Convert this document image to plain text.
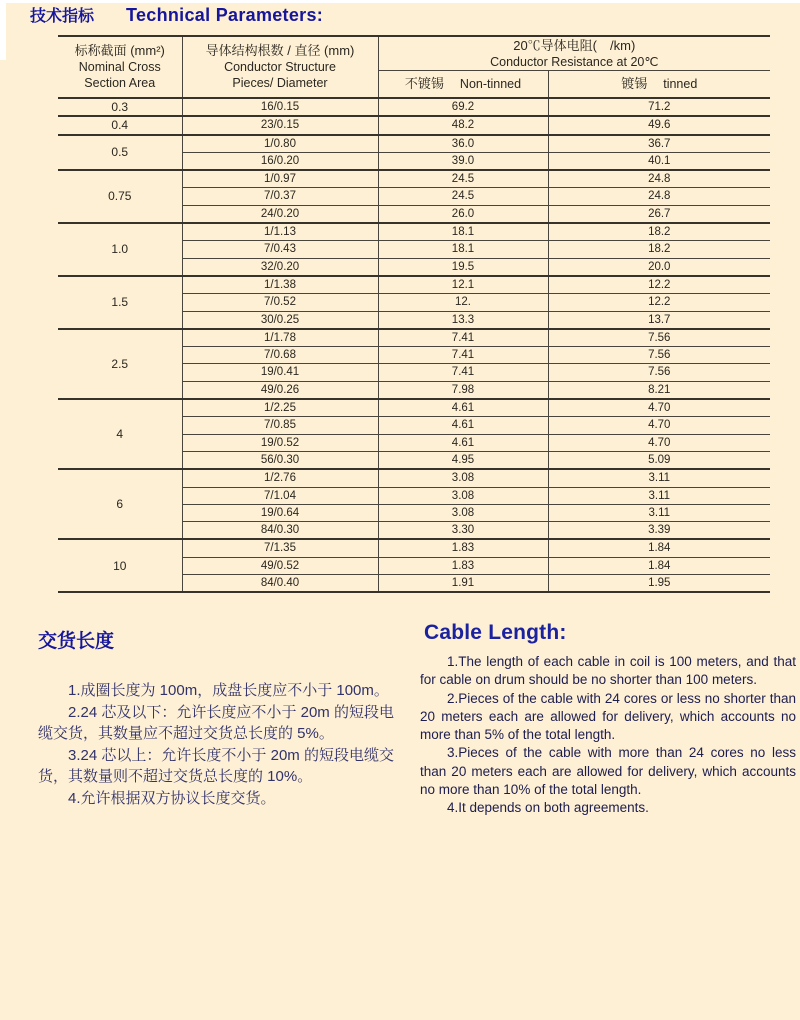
技术指标 Technical Parameters:
标称截面 (mm²)
Nominal Cross
Section Area	导体结构根数 / 直径 (mm)
Conductor Structure
Pieces/ Diameter	20℃导体电阻(　/km)
Conductor Resistance at 20℃	

		不镀锡 Non-tinned	镀锡 tinned

0.3	16/0.15	69.2	71.2
0.4	23/0.15	48.2	49.6
0.5	1/0.80	36.0	36.7
	16/0.20	39.0	40.1
0.75	1/0.97	24.5	24.8
	7/0.37	24.5	24.8
	24/0.20	26.0	26.7
1.0	1/1.13	18.1	18.2
	7/0.43	18.1	18.2
	32/0.20	19.5	20.0
1.5	1/1.38	12.1	12.2
	7/0.52	12.	12.2
	30/0.25	13.3	13.7
2.5	1/1.78	7.41	7.56
	7/0.68	7.41	7.56
	19/0.41	7.41	7.56
	49/0.26	7.98	8.21
4	1/2.25	4.61	4.70
	7/0.85	4.61	4.70
	19/0.52	4.61	4.70
	56/0.30	4.95	5.09
6	1/2.76	3.08	3.11
	7/1.04	3.08	3.11
	19/0.64	3.08	3.11
	84/0.30	3.30	3.39
10	7/1.35	1.83	1.84
	49/0.52	1.83	1.84
	84/0.40	1.91	1.95
交货长度

1.成圈长度为 100m，成盘长度应不小于 100m。

2.24 芯及以下：允许长度应不小于 20m 的短段电缆交货，其数量应不超过交货总长度的 5%。

3.24 芯以上：允许长度不小于 20m 的短段电缆交货，其数量则不超过交货总长度的 10%。

4.允许根据双方协议长度交货。

Cable Length:

1.The length of each cable in coil is 100 meters, and that for cable on drum should be no shorter than 100 meters.

2.Pieces of the cable with 24 cores or less no shorter than 20 meters each are allowed for delivery, which accounts no more than 5% of the total length.

3.Pieces of the cable with more than 24 cores no less than 20 meters each are allowed for delivery, which accounts no more than 10% of the total length.

4.It depends on both agreements.
